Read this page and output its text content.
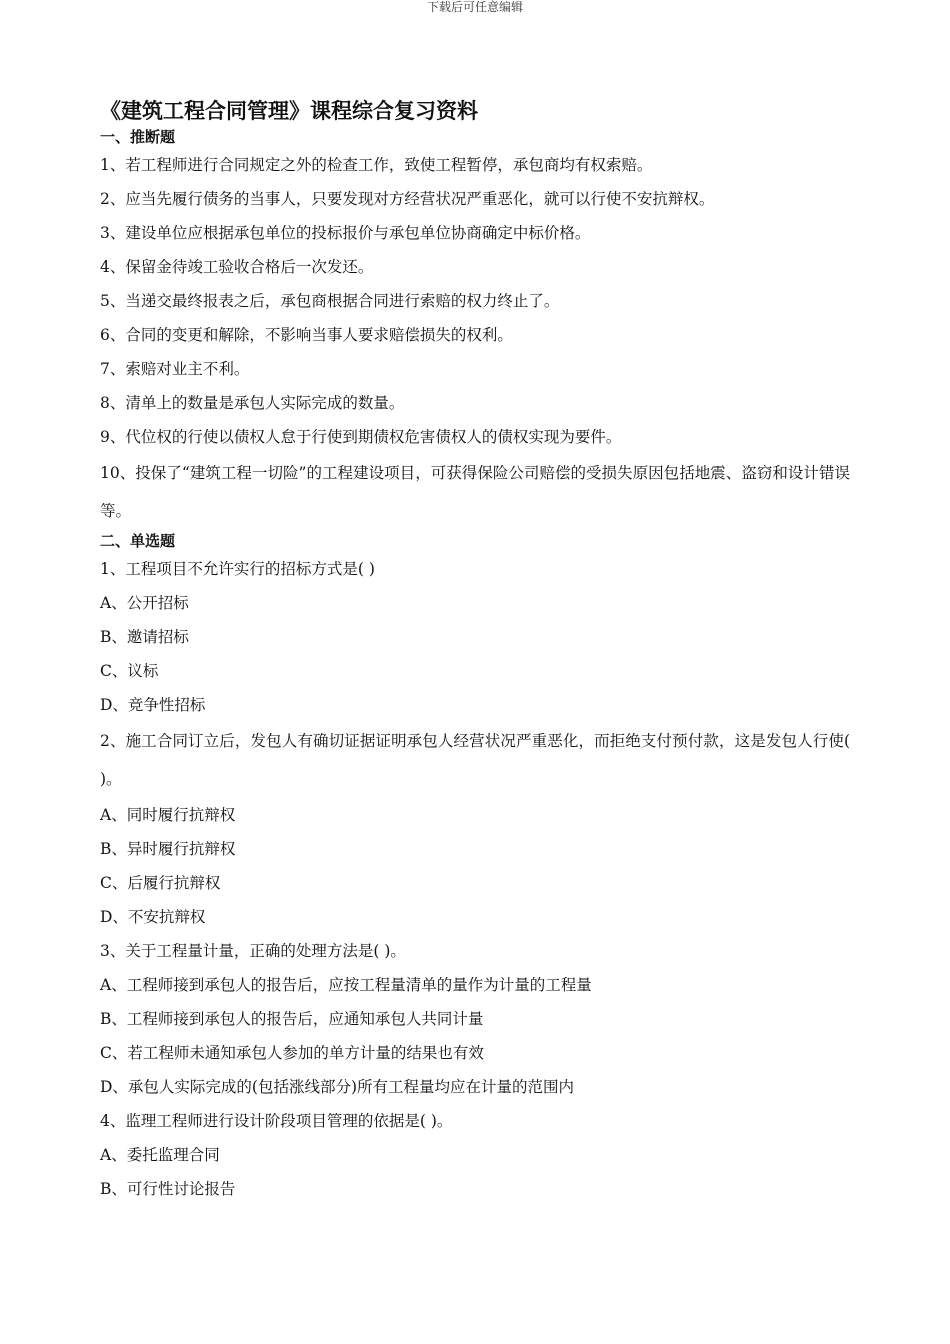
下载后可任意编辑
《建筑工程合同管理》课程综合复习资料
一、推断题

1、若工程师进行合同规定之外的检查工作，致使工程暂停，承包商均有权索赔。

2、应当先履行债务的当事人，只要发现对方经营状况严重恶化，就可以行使不安抗辩权。

3、建设单位应根据承包单位的投标报价与承包单位协商确定中标价格。

4、保留金待竣工验收合格后一次发还。

5、当递交最终报表之后，承包商根据合同进行索赔的权力终止了。

6、合同的变更和解除，不影响当事人要求赔偿损失的权利。

7、索赔对业主不利。

8、清单上的数量是承包人实际完成的数量。

9、代位权的行使以债权人怠于行使到期债权危害债权人的债权实现为要件。

10、投保了“建筑工程一切险”的工程建设项目，可获得保险公司赔偿的受损失原因包括地震、盗窃和设计错误等。

二、单选题

1、工程项目不允许实行的招标方式是( )

A、公开招标

B、邀请招标

C、议标

D、竞争性招标

2、施工合同订立后，发包人有确切证据证明承包人经营状况严重恶化，而拒绝支付预付款，这是发包人行使( )。

A、同时履行抗辩权

B、异时履行抗辩权

C、后履行抗辩权

D、不安抗辩权

3、关于工程量计量，正确的处理方法是( )。

A、工程师接到承包人的报告后，应按工程量清单的量作为计量的工程量

B、工程师接到承包人的报告后，应通知承包人共同计量

C、若工程师未通知承包人参加的单方计量的结果也有效

D、承包人实际完成的(包括涨线部分)所有工程量均应在计量的范围内

4、监理工程师进行设计阶段项目管理的依据是( )。

A、委托监理合同

B、可行性讨论报告
